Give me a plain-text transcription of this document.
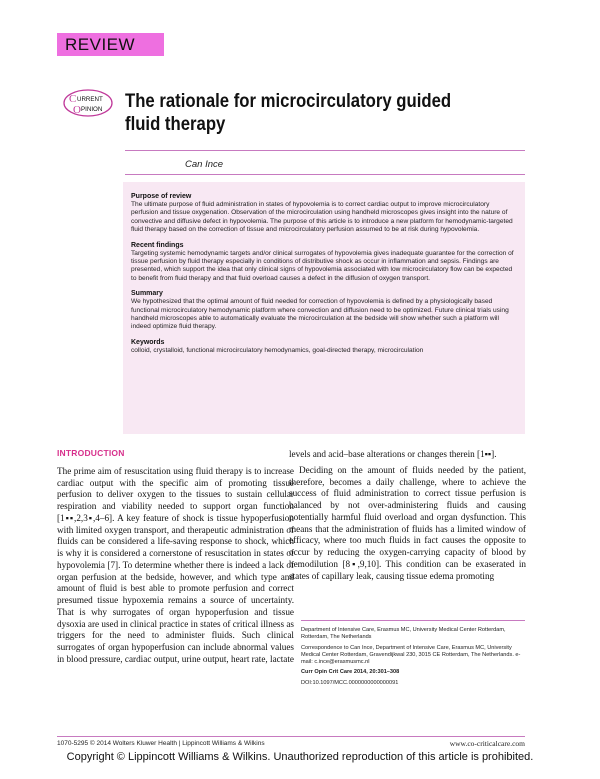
REVIEW
C URRENT
O PINION The rationale for microcirculatory guided fluid therapy
Can Ince
Purpose of review

The ultimate purpose of fluid administration in states of hypovolemia is to correct cardiac output to improve microcirculatory perfusion and tissue oxygenation. Observation of the microcirculation using handheld microscopes gives insight into the nature of convective and diffusive defect in hypovolemia. The purpose of this article is to introduce a new platform for hemodynamic-targeted fluid therapy based on the correction of tissue and microcirculatory perfusion assumed to be at risk during hypovolemia.

Recent findings

Targeting systemic hemodynamic targets and/or clinical surrogates of hypovolemia gives inadequate guarantee for the correction of tissue perfusion by fluid therapy especially in conditions of distributive shock as occur in inflammation and sepsis. Findings are presented, which support the idea that only clinical signs of hypovolemia associated with low microcirculatory flow can be expected to benefit from fluid therapy and that fluid overload causes a defect in the diffusion of oxygen transport.

Summary

We hypothesized that the optimal amount of fluid needed for correction of hypovolemia is defined by a physiologically based functional microcirculatory hemodynamic platform where convection and diffusion need to be optimized. Future clinical trials using handheld microscopes able to automatically evaluate the microcirculation at the bedside will show whether such a platform will indeed optimize fluid therapy.

Keywords

colloid, crystalloid, functional microcirculatory hemodynamics, goal-directed therapy, microcirculation

INTRODUCTION

The prime aim of resuscitation using fluid therapy is to increase cardiac output with the specific aim of promoting tissue perfusion to deliver oxygen to the tissues to sustain cellular respiration and viability needed to support organ function [1▪▪,2,3▪,4–6]. A key feature of shock is tissue hypoperfusion with limited oxygen transport, and therapeutic administration of fluids can be considered a life-saving response to shock, which is why it is considered a cornerstone of resuscitation in states of hypovolemia [7]. To determine whether there is indeed a lack of organ perfusion at the bedside, however, and which type and amount of fluid is best able to promote perfusion and correct presumed tissue hypoxemia remains a source of uncertainty. That is why surrogates of organ hypoperfusion and tissue dysoxia are used in clinical practice in states of critical illness as triggers for the need to administer fluids. Such clinical surrogates of organ hypoperfusion can include abnormal values in blood pressure, cardiac output, urine output, heart rate, lactate

levels and acid–base alterations or changes therein [1▪▪].

Deciding on the amount of fluids needed by the patient, therefore, becomes a daily challenge, where to achieve the success of fluid administration to correct tissue perfusion is balanced by not over-administering fluids and causing potentially harmful fluid overload and organ dysfunction. This means that the administration of fluids has a limited window of efficacy, where too much fluids in fact causes the opposite to occur by reducing the oxygen-carrying capacity of blood by hemodilution [8▪,9,10]. This condition can be exaserated in states of capillary leak, causing tissue edema promoting

Department of Intensive Care, Erasmus MC, University Medical Center Rotterdam, Rotterdam, The Netherlands

Correspondence to Can Ince, Department of Intensive Care, Erasmus MC, University Medical Center Rotterdam, Gravendijkwal 230, 3015 CE Rotterdam, The Netherlands. e-mail: c.ince@erasmusmc.nl

Curr Opin Crit Care 2014, 20:301–308

DOI:10.1097/MCC.0000000000000091

1070-5295 © 2014 Wolters Kluwer Health | Lippincott Williams & Wilkins	www.co-criticalcare.com
Copyright © Lippincott Williams & Wilkins. Unauthorized reproduction of this article is prohibited.
